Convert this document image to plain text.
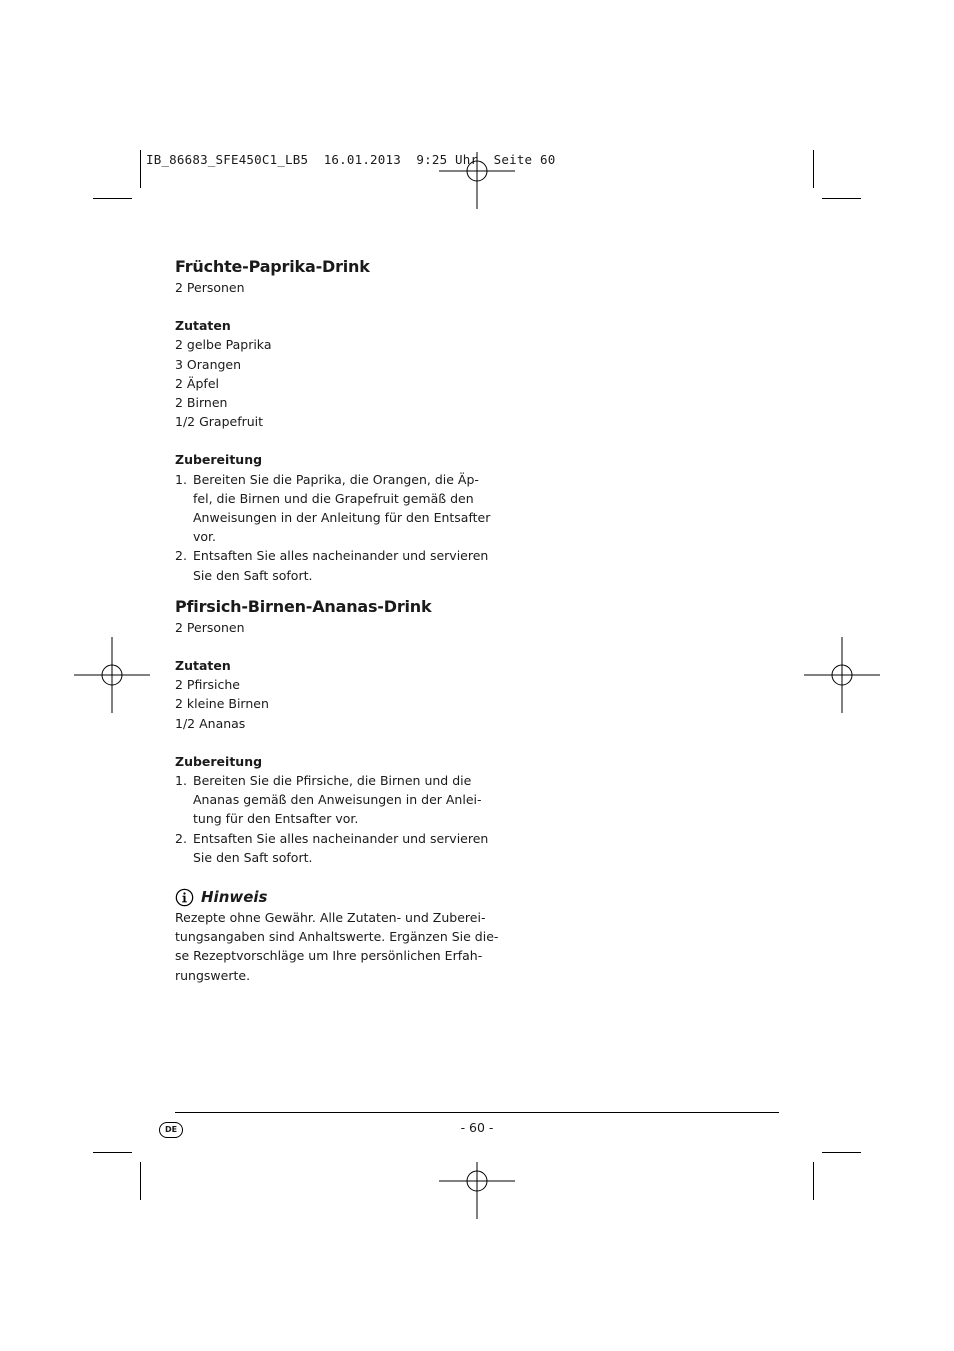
IB_86683_SFE450C1_LB5  16.01.2013  9:25 Uhr  Seite 60
Früchte-Paprika-Drink

2 Personen

Zutaten
2 gelbe Paprika
3 Orangen
2 Äpfel
2 Birnen
1/2 Grapefruit
Zubereitung
1. Bereiten Sie die Paprika, die Orangen, die Äp-
fel, die Birnen und die Grapefruit gemäß den
Anweisungen in der Anleitung für den Entsafter
vor.
2. Entsaften Sie alles nacheinander und servieren
Sie den Saft sofort.
Pfirsich-Birnen-Ananas-Drink

2 Personen

Zutaten
2 Pfirsiche
2 kleine Birnen
1/2 Ananas
Zubereitung
1. Bereiten Sie die Pfirsiche, die Birnen und die
Ananas gemäß den Anweisungen in der Anlei-
tung für den Entsafter vor.
2. Entsaften Sie alles nacheinander und servieren
Sie den Saft sofort.
Hinweis

Rezepte ohne Gewähr. Alle Zutaten- und Zuberei-
tungsangaben sind Anhaltswerte. Ergänzen Sie die-
se Rezeptvorschläge um Ihre persönlichen Erfah-
rungswerte.

DE	- 60 -
